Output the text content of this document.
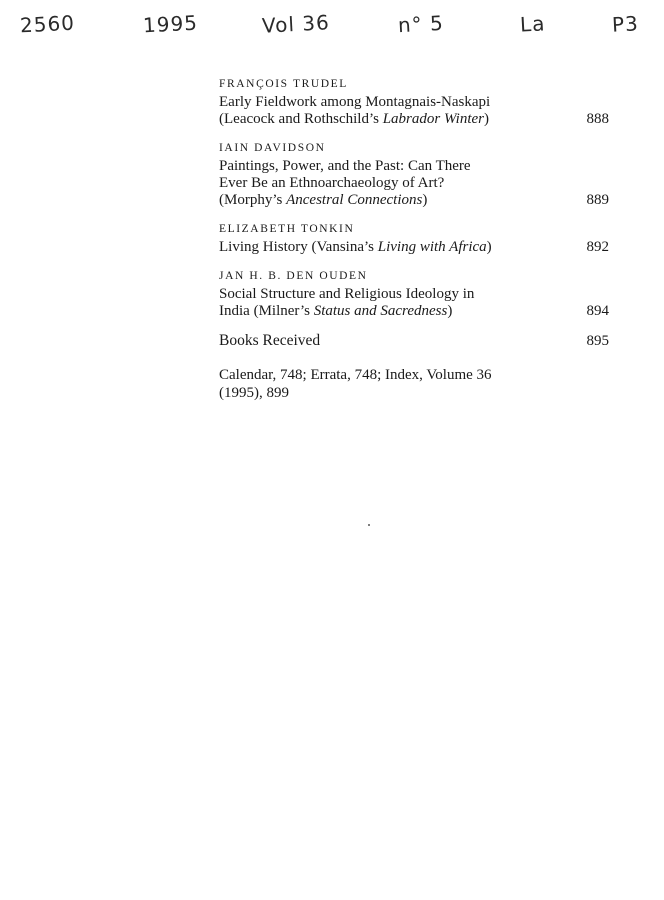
2560	1995	Vol 36	n° 5	La	P3
FRANÇOIS TRUDEL
Early Fieldwork among Montagnais-Naskapi
(Leacock and Rothschild’s Labrador Winter)	888
IAIN DAVIDSON
Paintings, Power, and the Past: Can There
Ever Be an Ethnoarchaeology of Art?
(Morphy’s Ancestral Connections)	889
ELIZABETH TONKIN
Living History (Vansina’s Living with Africa)	892
JAN H. B. DEN OUDEN
Social Structure and Religious Ideology in
India (Milner’s Status and Sacredness)	894
Books Received	895
Calendar, 748; Errata, 748; Index, Volume 36
(1995), 899
